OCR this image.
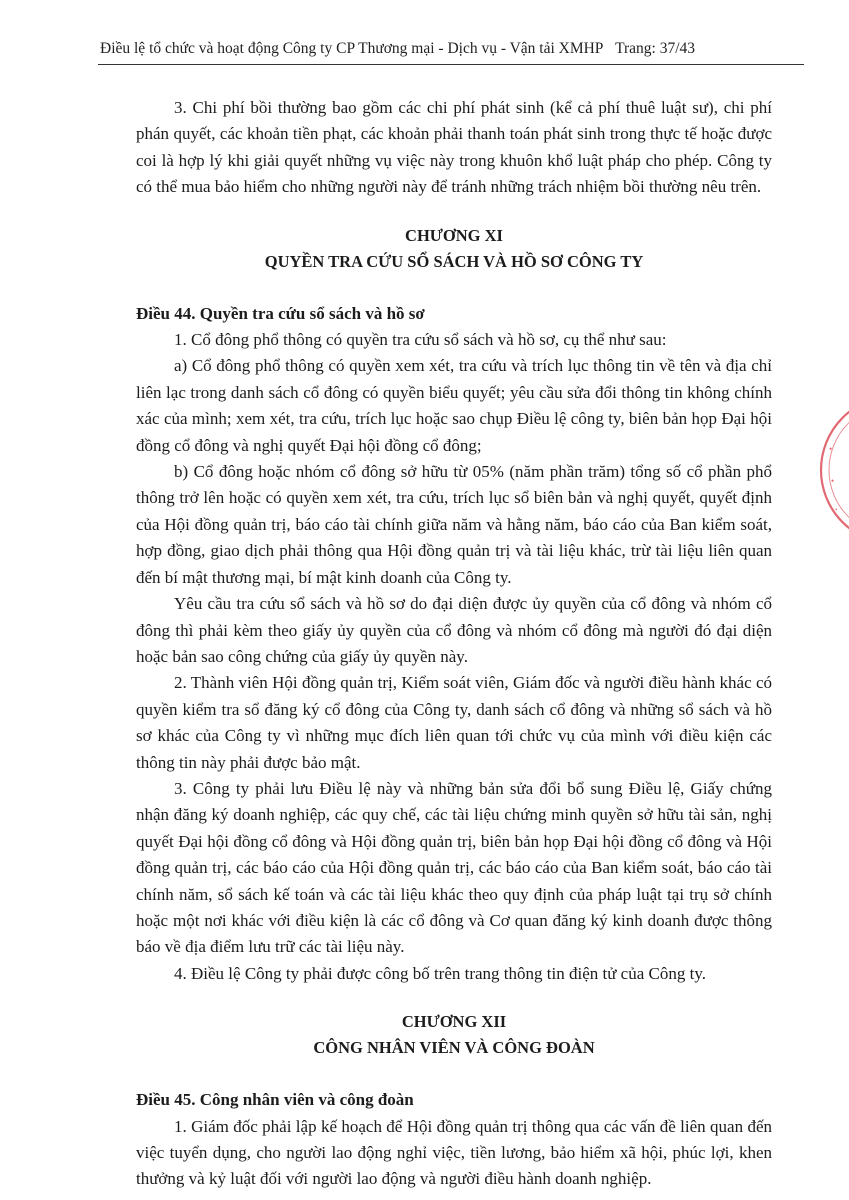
Điều lệ tổ chức và hoạt động Công ty CP Thương mại - Dịch vụ - Vận tải XMHP Trang: 37/43

3. Chi phí bồi thường bao gồm các chi phí phát sinh (kể cả phí thuê luật sư), chi phí phán quyết, các khoản tiền phạt, các khoản phải thanh toán phát sinh trong thực tế hoặc được coi là hợp lý khi giải quyết những vụ việc này trong khuôn khổ luật pháp cho phép. Công ty có thể mua bảo hiểm cho những người này để tránh những trách nhiệm bồi thường nêu trên.

CHƯƠNG XI

QUYỀN TRA CỨU SỔ SÁCH VÀ HỒ SƠ CÔNG TY

Điều 44. Quyền tra cứu sổ sách và hồ sơ

1. Cổ đông phổ thông có quyền tra cứu sổ sách và hồ sơ, cụ thể như sau:

a) Cổ đông phổ thông có quyền xem xét, tra cứu và trích lục thông tin về tên và địa chỉ liên lạc trong danh sách cổ đông có quyền biểu quyết; yêu cầu sửa đổi thông tin không chính xác của mình; xem xét, tra cứu, trích lục hoặc sao chụp Điều lệ công ty, biên bản họp Đại hội đồng cổ đông và nghị quyết Đại hội đồng cổ đông;

b) Cổ đông hoặc nhóm cổ đông sở hữu từ 05% (năm phần trăm) tổng số cổ phần phổ thông trở lên hoặc có quyền xem xét, tra cứu, trích lục sổ biên bản và nghị quyết, quyết định của Hội đồng quản trị, báo cáo tài chính giữa năm và hằng năm, báo cáo của Ban kiểm soát, hợp đồng, giao dịch phải thông qua Hội đồng quản trị và tài liệu khác, trừ tài liệu liên quan đến bí mật thương mại, bí mật kinh doanh của Công ty.

Yêu cầu tra cứu sổ sách và hồ sơ do đại diện được ủy quyền của cổ đông và nhóm cổ đông thì phải kèm theo giấy ủy quyền của cổ đông và nhóm cổ đông mà người đó đại diện hoặc bản sao công chứng của giấy ủy quyền này.

2. Thành viên Hội đồng quản trị, Kiểm soát viên, Giám đốc và người điều hành khác có quyền kiểm tra sổ đăng ký cổ đông của Công ty, danh sách cổ đông và những sổ sách và hồ sơ khác của Công ty vì những mục đích liên quan tới chức vụ của mình với điều kiện các thông tin này phải được bảo mật.

3. Công ty phải lưu Điều lệ này và những bản sửa đổi bổ sung Điều lệ, Giấy chứng nhận đăng ký doanh nghiệp, các quy chế, các tài liệu chứng minh quyền sở hữu tài sản, nghị quyết Đại hội đồng cổ đông và Hội đồng quản trị, biên bản họp Đại hội đồng cổ đông và Hội đồng quản trị, các báo cáo của Hội đồng quản trị, các báo cáo của Ban kiểm soát, báo cáo tài chính năm, sổ sách kế toán và các tài liệu khác theo quy định của pháp luật tại trụ sở chính hoặc một nơi khác với điều kiện là các cổ đông và Cơ quan đăng ký kinh doanh được thông báo về địa điểm lưu trữ các tài liệu này.

4. Điều lệ Công ty phải được công bố trên trang thông tin điện tử của Công ty.

CHƯƠNG XII

CÔNG NHÂN VIÊN VÀ CÔNG ĐOÀN

Điều 45. Công nhân viên và công đoàn

1. Giám đốc phải lập kế hoạch để Hội đồng quản trị thông qua các vấn đề liên quan đến việc tuyển dụng, cho người lao động nghỉ việc, tiền lương, bảo hiểm xã hội, phúc lợi, khen thưởng và kỷ luật đối với người lao động và người điều hành doanh nghiệp.

•
•
•
